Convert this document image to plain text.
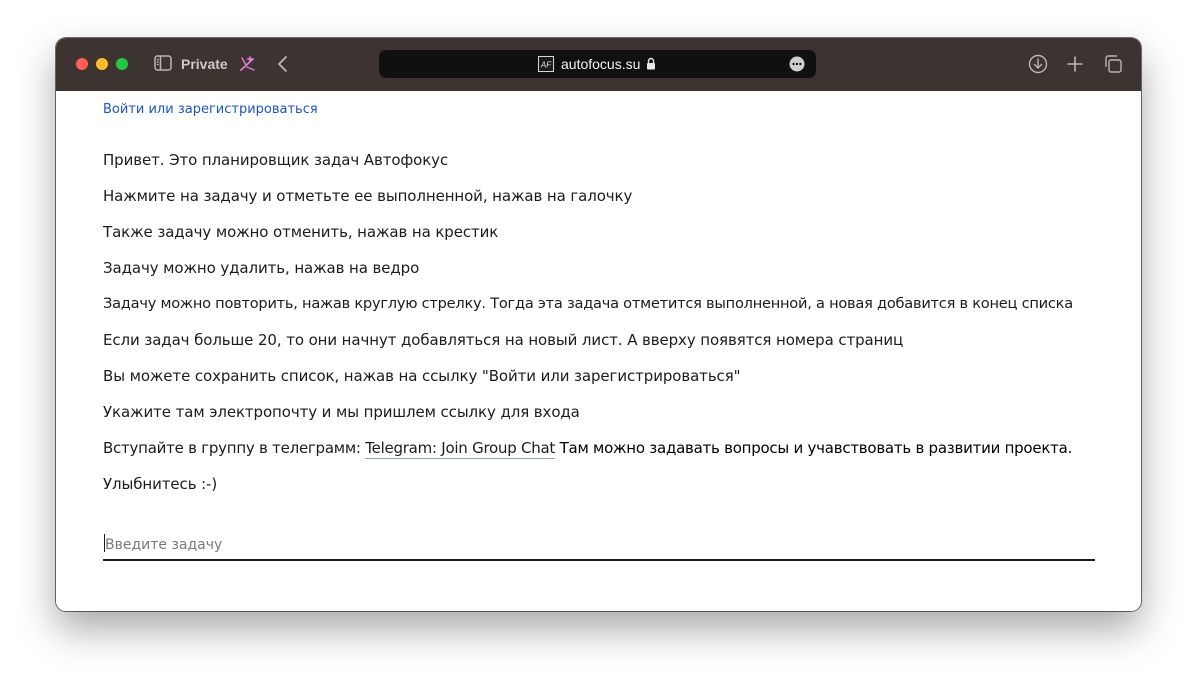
Private	AF autofocus.su
Войти или зарегистрироваться
Привет. Это планировщик задач Автофокус
Нажмите на задачу и отметьте ее выполненной, нажав на галочку
Также задачу можно отменить, нажав на крестик
Задачу можно удалить, нажав на ведро
Задачу можно повторить, нажав круглую стрелку. Тогда эта задача отметится выполненной, а новая добавится в конец списка
Если задач больше 20, то они начнут добавляться на новый лист. А вверху появятся номера страниц
Вы можете сохранить список, нажав на ссылку "Войти или зарегистрироваться"
Укажите там электропочту и мы пришлем ссылку для входа
Вступайте в группу в телеграмм: Telegram: Join Group Chat Там можно задавать вопросы и учавствовать в развитии проекта.
Улыбнитесь :-)
Введите задачу
